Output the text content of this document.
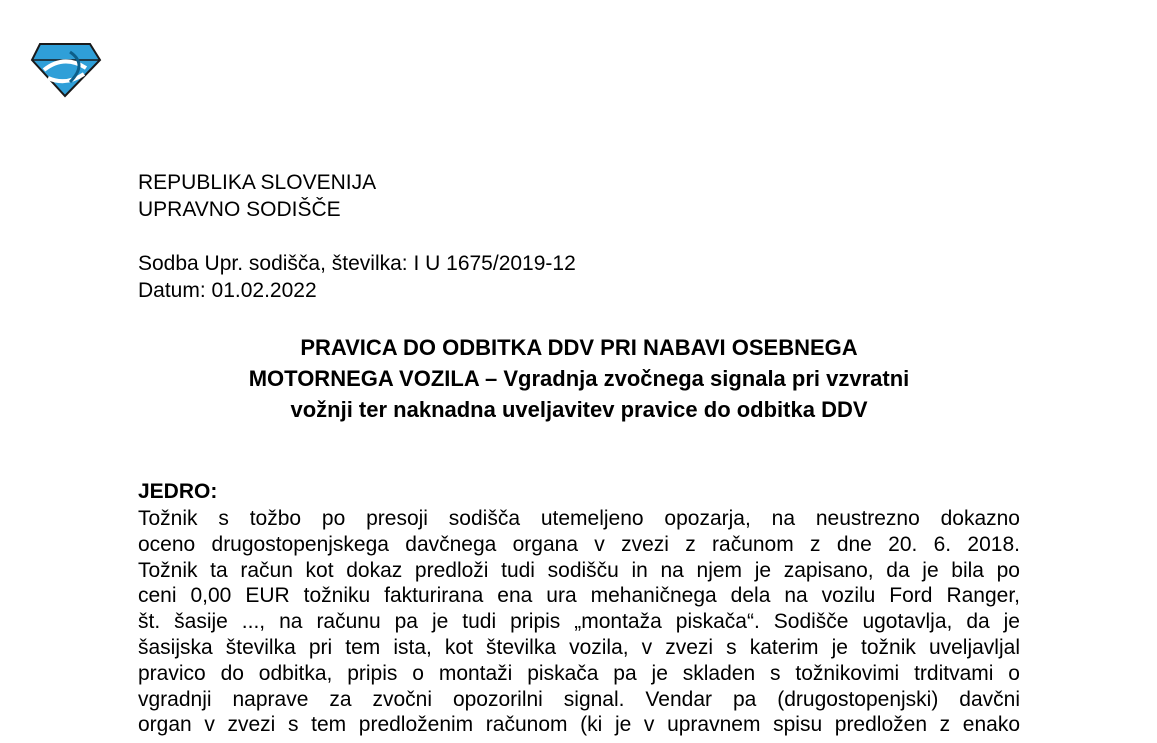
REPUBLIKA SLOVENIJA
UPRAVNO SODIŠČE
Sodba Upr. sodišča, številka: I U 1675/2019-12
Datum: 01.02.2022
PRAVICA DO ODBITKA DDV PRI NABAVI OSEBNEGA
MOTORNEGA VOZILA – Vgradnja zvočnega signala pri vzvratni
vožnji ter naknadna uveljavitev pravice do odbitka DDV
JEDRO:
Tožnik s tožbo po presoji sodišča utemeljeno opozarja, na neustrezno dokazno
oceno drugostopenjskega davčnega organa v zvezi z računom z dne 20. 6. 2018.
Tožnik ta račun kot dokaz predloži tudi sodišču in na njem je zapisano, da je bila po
ceni 0,00 EUR tožniku fakturirana ena ura mehaničnega dela na vozilu Ford Ranger,
št. šasije ..., na računu pa je tudi pripis „montaža piskača“. Sodišče ugotavlja, da je
šasijska številka pri tem ista, kot številka vozila, v zvezi s katerim je tožnik uveljavljal
pravico do odbitka, pripis o montaži piskača pa je skladen s tožnikovimi trditvami o
vgradnji naprave za zvočni opozorilni signal. Vendar pa (drugostopenjski) davčni
organ v zvezi s tem predloženim računom (ki je v upravnem spisu predložen z enako
